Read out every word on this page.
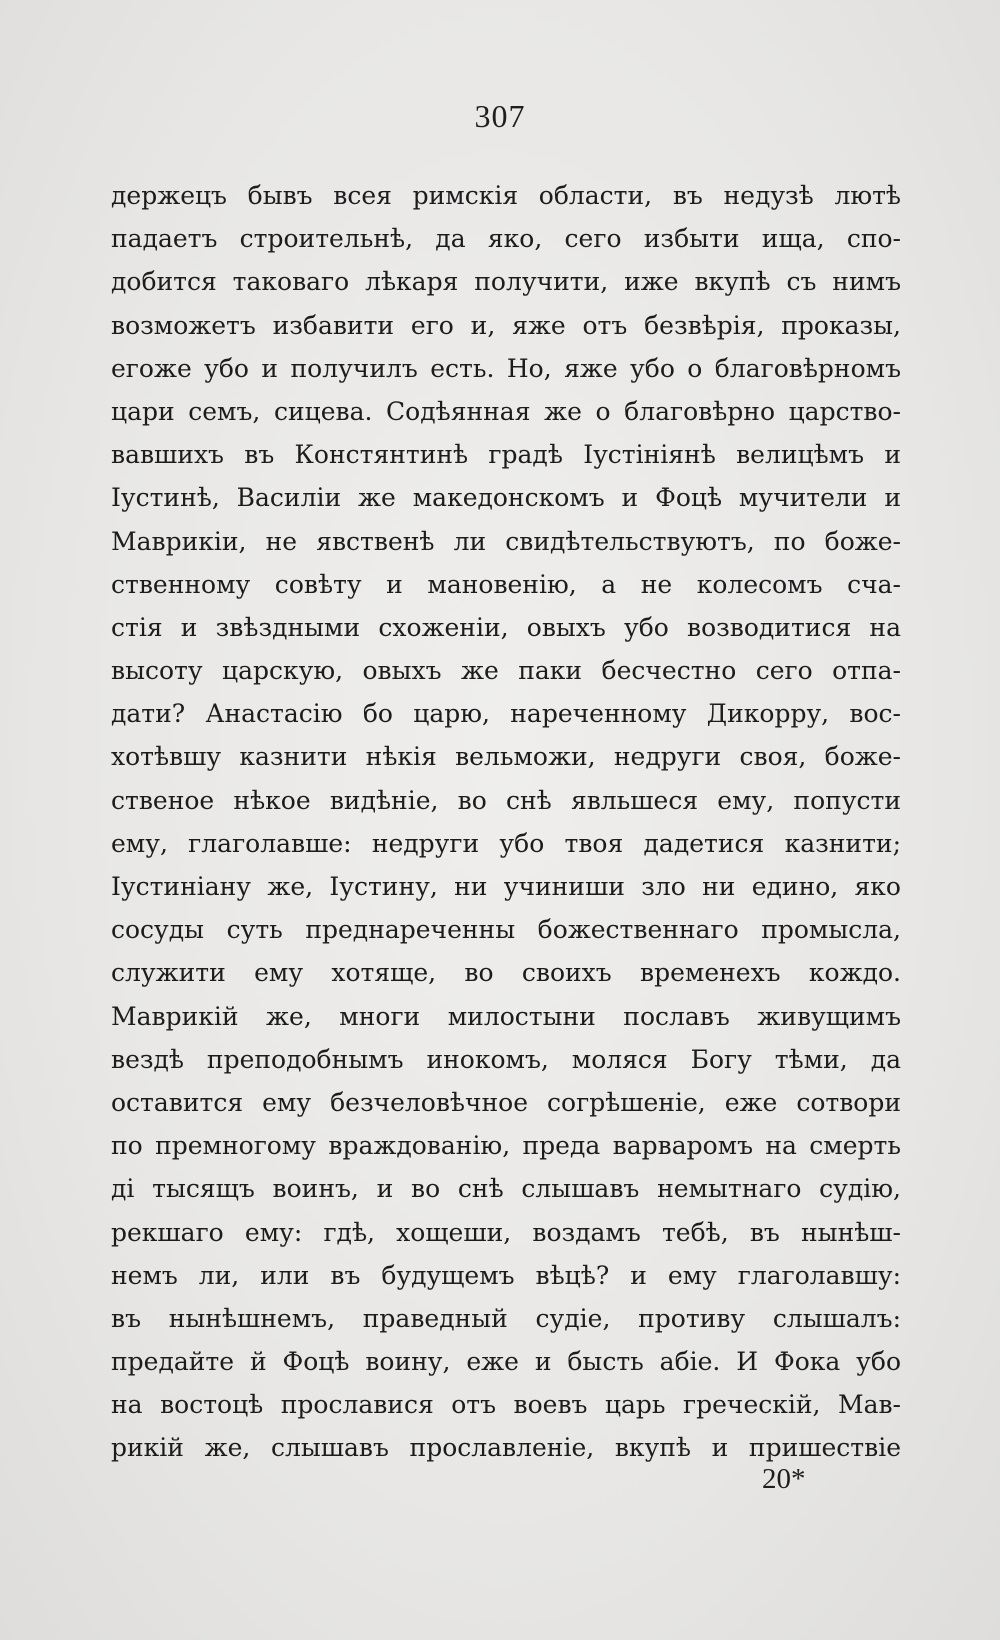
307
держецъ бывъ всея римскія области, въ недузѣ лютѣ
падаетъ строительнѣ, да яко, сего избыти ища, спо-
добится таковаго лѣкаря получити, иже вкупѣ съ нимъ
возможетъ избавити его и, яже отъ безвѣрія, проказы,
егоже убо и получилъ есть. Но, яже убо о благовѣрномъ
цари семъ, сицева. Содѣянная же о благовѣрно царство-
вавшихъ въ Констянтинѣ градѣ Іустініянѣ велицѣмъ и
Іустинѣ, Василіи же македонскомъ и Фоцѣ мучители и
Маврикіи, не явственѣ ли свидѣтельствуютъ, по боже-
ственному совѣту и мановенію, а не колесомъ сча-
стія и звѣздными схоженіи, овыхъ убо возводитися на
высоту царскую, овыхъ же паки бесчестно сего отпа-
дати? Анастасію бо царю, нареченному Дикорру, вос-
хотѣвшу казнити нѣкія вельможи, недруги своя, боже-
ственое нѣкое видѣніе, во снѣ явльшеся ему, попусти
ему, глаголавше: недруги убо твоя дадетися казнити;
Іустиніану же, Іустину, ни учиниши зло ни едино, яко
сосуды суть преднареченны божественнаго промысла,
служити ему хотяще, во своихъ временехъ кождо.
Маврикій же, многи милостыни пославъ живущимъ
вездѣ преподобнымъ инокомъ, моляся Богу тѣми, да
оставится ему безчеловѣчное согрѣшеніе, еже сотвори
по премногому враждованію, преда варваромъ на смерть
ді тысящъ воинъ, и во снѣ слышавъ немытнаго судію,
рекшаго ему: гдѣ, хощеши, воздамъ тебѣ, въ нынѣш-
немъ ли, или въ будущемъ вѣцѣ? и ему глаголавшу:
въ нынѣшнемъ, праведный судіе, противу слышалъ:
предайте й Фоцѣ воину, еже и бысть абіе. И Фока убо
на востоцѣ прославися отъ воевъ царь греческій, Мав-
рикій же, слышавъ прославленіе, вкупѣ и пришествіе
20*
